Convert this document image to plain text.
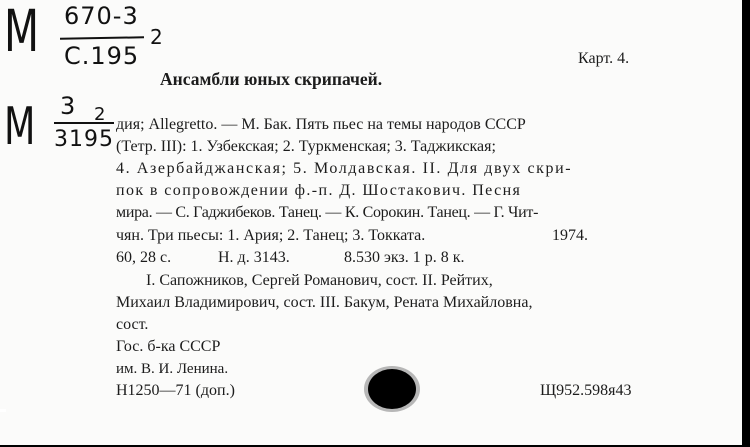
М 670-3
С.195
2
М 3
3195
2
Карт. 4.
Ансамбли юных скрипачей.
дия; Allegretto. — М. Бак. Пять пьес на темы народов СССР
(Тетр. III): 1. Узбекская; 2. Туркменская; 3. Таджикская;
4. Азербайджанская; 5. Молдавская. II. Для двух скри-
пок в сопровождении ф.-п. Д. Шостакович. Песня
мира. — С. Гаджибеков. Танец. — К. Сорокин. Танец. — Г. Чит-
чян. Три пьесы: 1. Ария; 2. Танец; 3. Токката.	1974.
60, 28 с.	Н. д. 3143.	8.530 экз. 1 р. 8 к.
I. Сапожников, Сергей Романович, сост. II. Рейтих,
Михаил Владимирович, сост. III. Бакум, Рената Михайловна,
сост.
Гос. б-ка СССР
им. В. И. Ленина.
Н1250—71 (доп.)	Щ952.598я43
